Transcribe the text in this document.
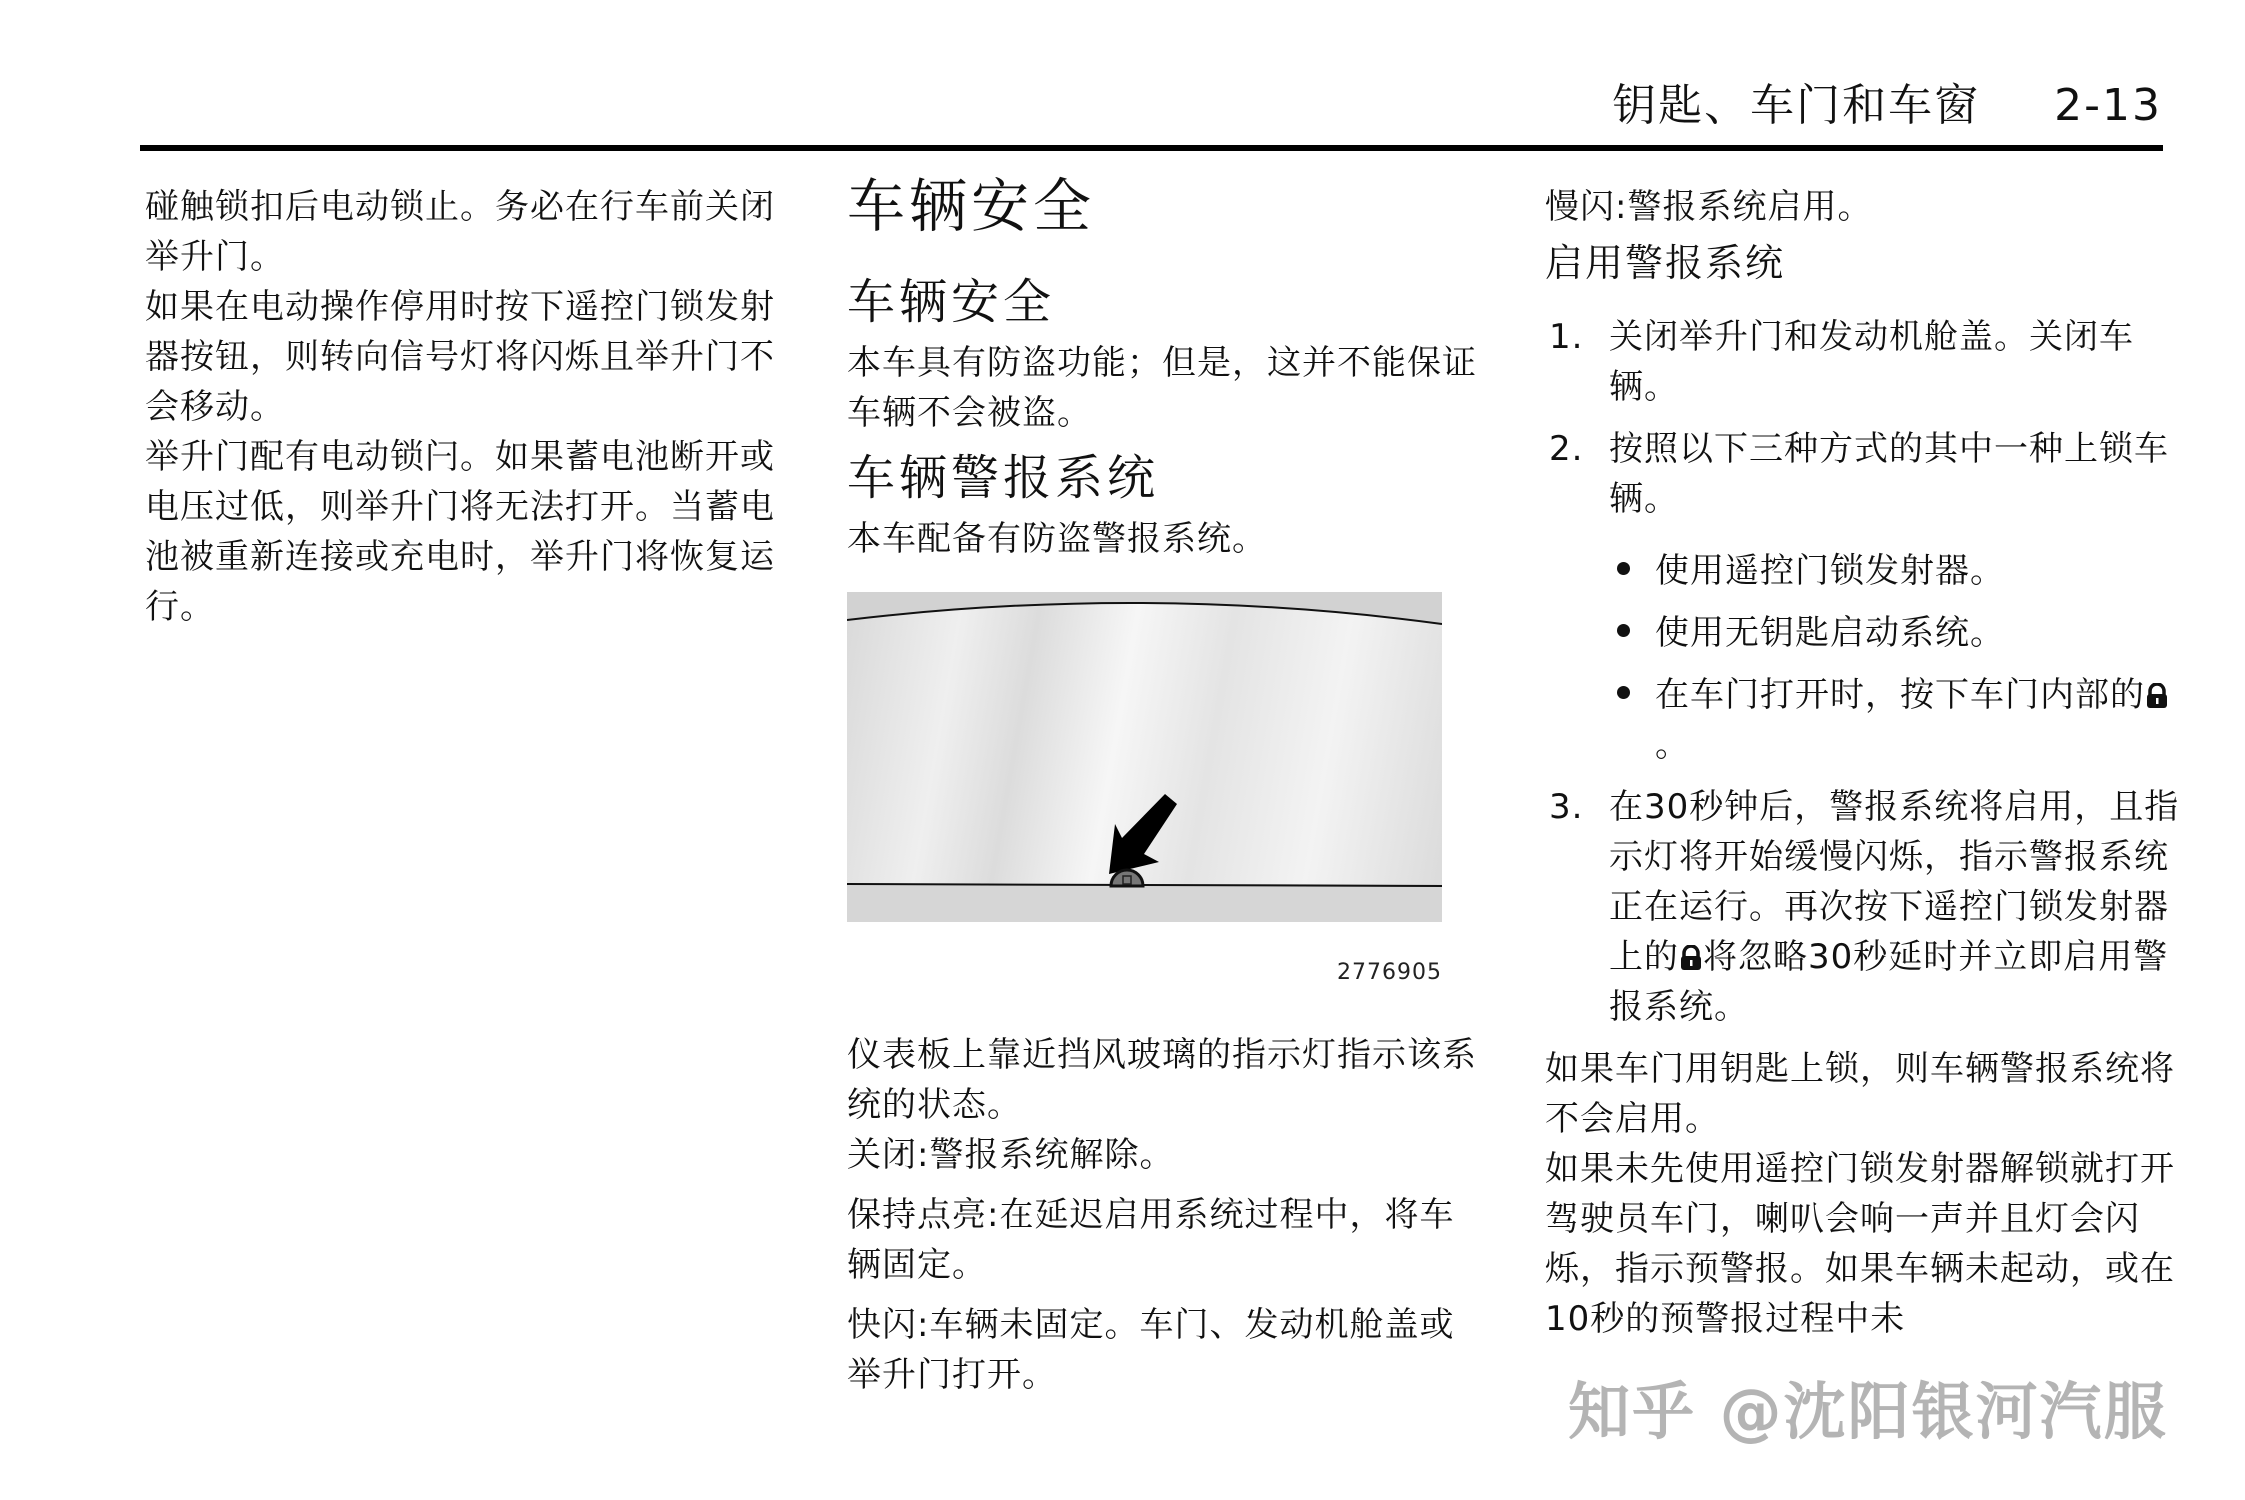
钥匙、车门和车窗 2-13

碰触锁扣后电动锁止。务必在行车前关闭举升门。

如果在电动操作停用时按下遥控门锁发射器按钮，则转向信号灯将闪烁且举升门不会移动。

举升门配有电动锁闩。如果蓄电池断开或电压过低，则举升门将无法打开。当蓄电池被重新连接或充电时，举升门将恢复运行。

车辆安全
车辆安全

本车具有防盗功能；但是，这并不能保证车辆不会被盗。

车辆警报系统

本车配备有防盗警报系统。

2776905

仪表板上靠近挡风玻璃的指示灯指示该系统的状态。

关闭:警报系统解除。

保持点亮:在延迟启用系统过程中，将车辆固定。

快闪:车辆未固定。车门、发动机舱盖或举升门打开。

慢闪:警报系统启用。

启用警报系统
1. 关闭举升门和发动机舱盖。关闭车辆。
2. 按照以下三种方式的其中一种上锁车辆。
使用遥控门锁发射器。
使用无钥匙启动系统。
在车门打开时，按下车门内部的
。
3. 在30秒钟后，警报系统将启用，且指示灯将开始缓慢闪烁，指示警报系统正在运行。再次按下遥控门锁发射器上的 将忽略30秒延时并立即启用警报系统。

如果车门用钥匙上锁，则车辆警报系统将不会启用。

如果未先使用遥控门锁发射器解锁就打开驾驶员车门，喇叭会响一声并且灯会闪烁，指示预警报。如果车辆未起动，或在10秒的预警报过程中未

知乎 @沈阳银河汽服
